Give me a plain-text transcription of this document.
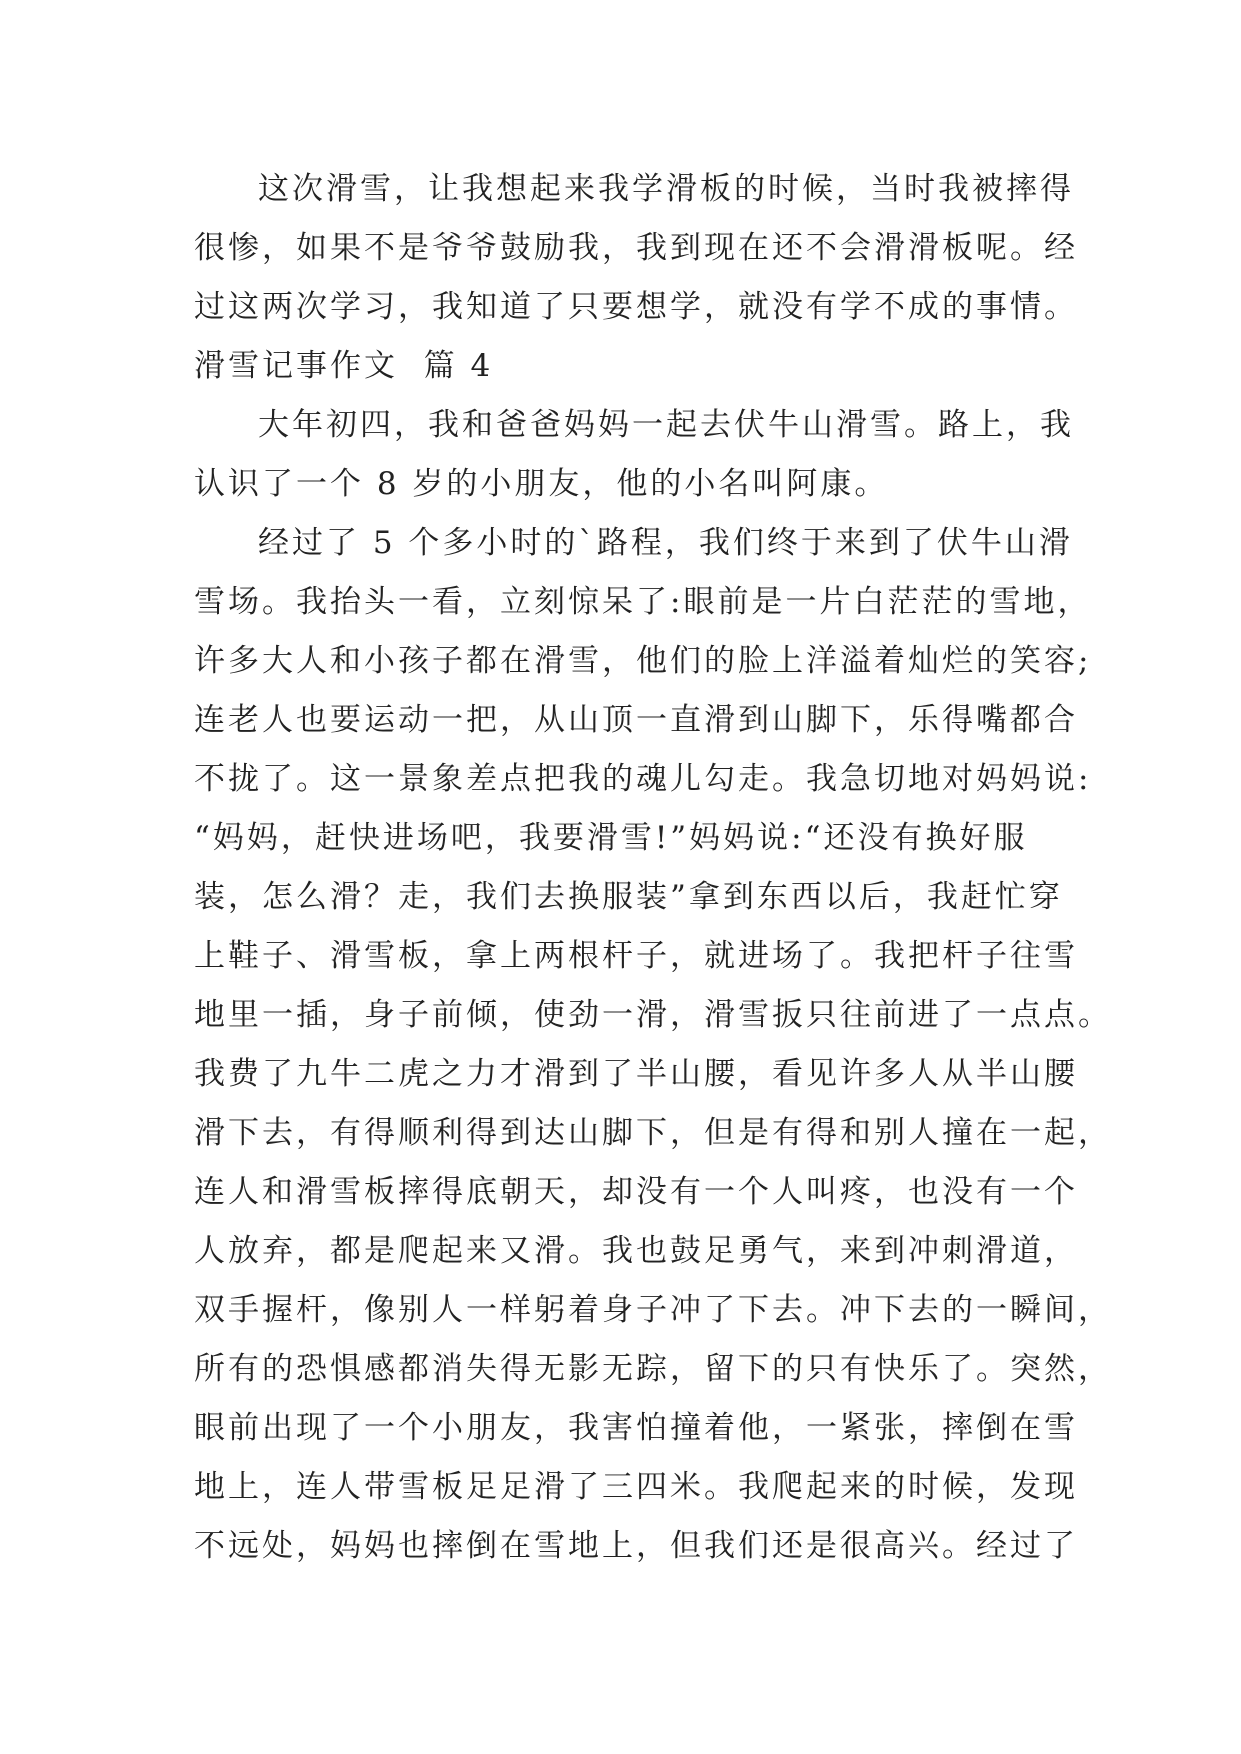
这次滑雪，让我想起来我学滑板的时候，当时我被摔得
很惨，如果不是爷爷鼓励我，我到现在还不会滑滑板呢。经
过这两次学习，我知道了只要想学，就没有学不成的事情。
滑雪记事作文  篇 4
大年初四，我和爸爸妈妈一起去伏牛山滑雪。路上，我
认识了一个 8 岁的小朋友，他的小名叫阿康。
经过了 5 个多小时的`路程，我们终于来到了伏牛山滑
雪场。我抬头一看，立刻惊呆了:眼前是一片白茫茫的雪地，
许多大人和小孩子都在滑雪，他们的脸上洋溢着灿烂的笑容;
连老人也要运动一把，从山顶一直滑到山脚下，乐得嘴都合
不拢了。这一景象差点把我的魂儿勾走。我急切地对妈妈说:
“妈妈，赶快进场吧，我要滑雪!”妈妈说:“还没有换好服
装，怎么滑？走，我们去换服装”拿到东西以后，我赶忙穿
上鞋子、滑雪板，拿上两根杆子，就进场了。我把杆子往雪
地里一插，身子前倾，使劲一滑，滑雪扳只往前进了一点点。
我费了九牛二虎之力才滑到了半山腰，看见许多人从半山腰
滑下去，有得顺利得到达山脚下，但是有得和别人撞在一起，
连人和滑雪板摔得底朝天，却没有一个人叫疼，也没有一个
人放弃，都是爬起来又滑。我也鼓足勇气，来到冲刺滑道，
双手握杆，像别人一样躬着身子冲了下去。冲下去的一瞬间，
所有的恐惧感都消失得无影无踪，留下的只有快乐了。突然，
眼前出现了一个小朋友，我害怕撞着他，一紧张，摔倒在雪
地上，连人带雪板足足滑了三四米。我爬起来的时候，发现
不远处，妈妈也摔倒在雪地上，但我们还是很高兴。经过了
